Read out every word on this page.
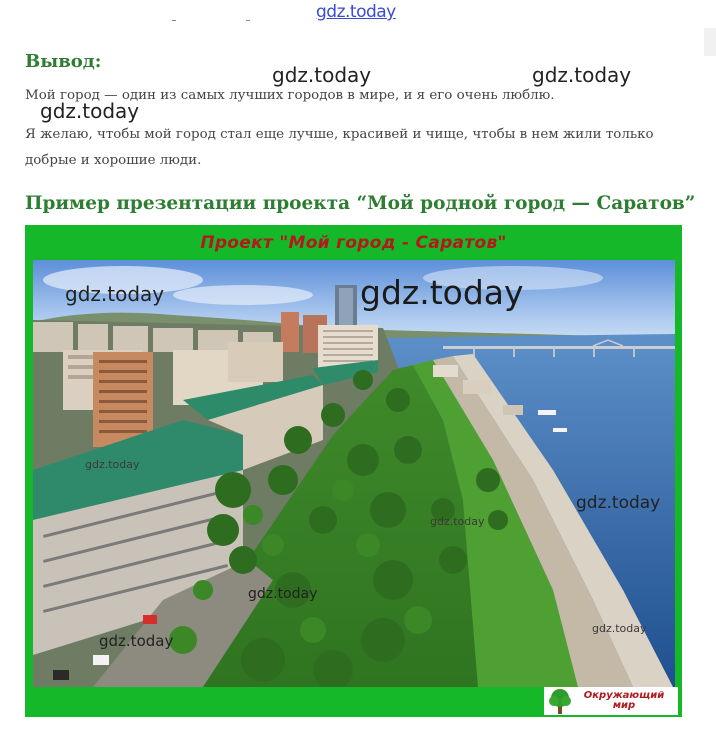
gdz.today
Вывод:
gdz.today	gdz.today
Мой город — один из самых лучших городов в мире, и я его очень люблю.
gdz.today
Я желаю, чтобы мой город стал еще лучше, красивей и чище, чтобы в нем жили только добрые и хорошие люди.
Пример презентации проекта “Мой родной город — Саратов”
Проект "Мой город - Саратов"
Окружающий
мир
gdz.today	gdz.today
gdz.today
gdz.today
gdz.today
gdz.today
gdz.today
gdz.today
